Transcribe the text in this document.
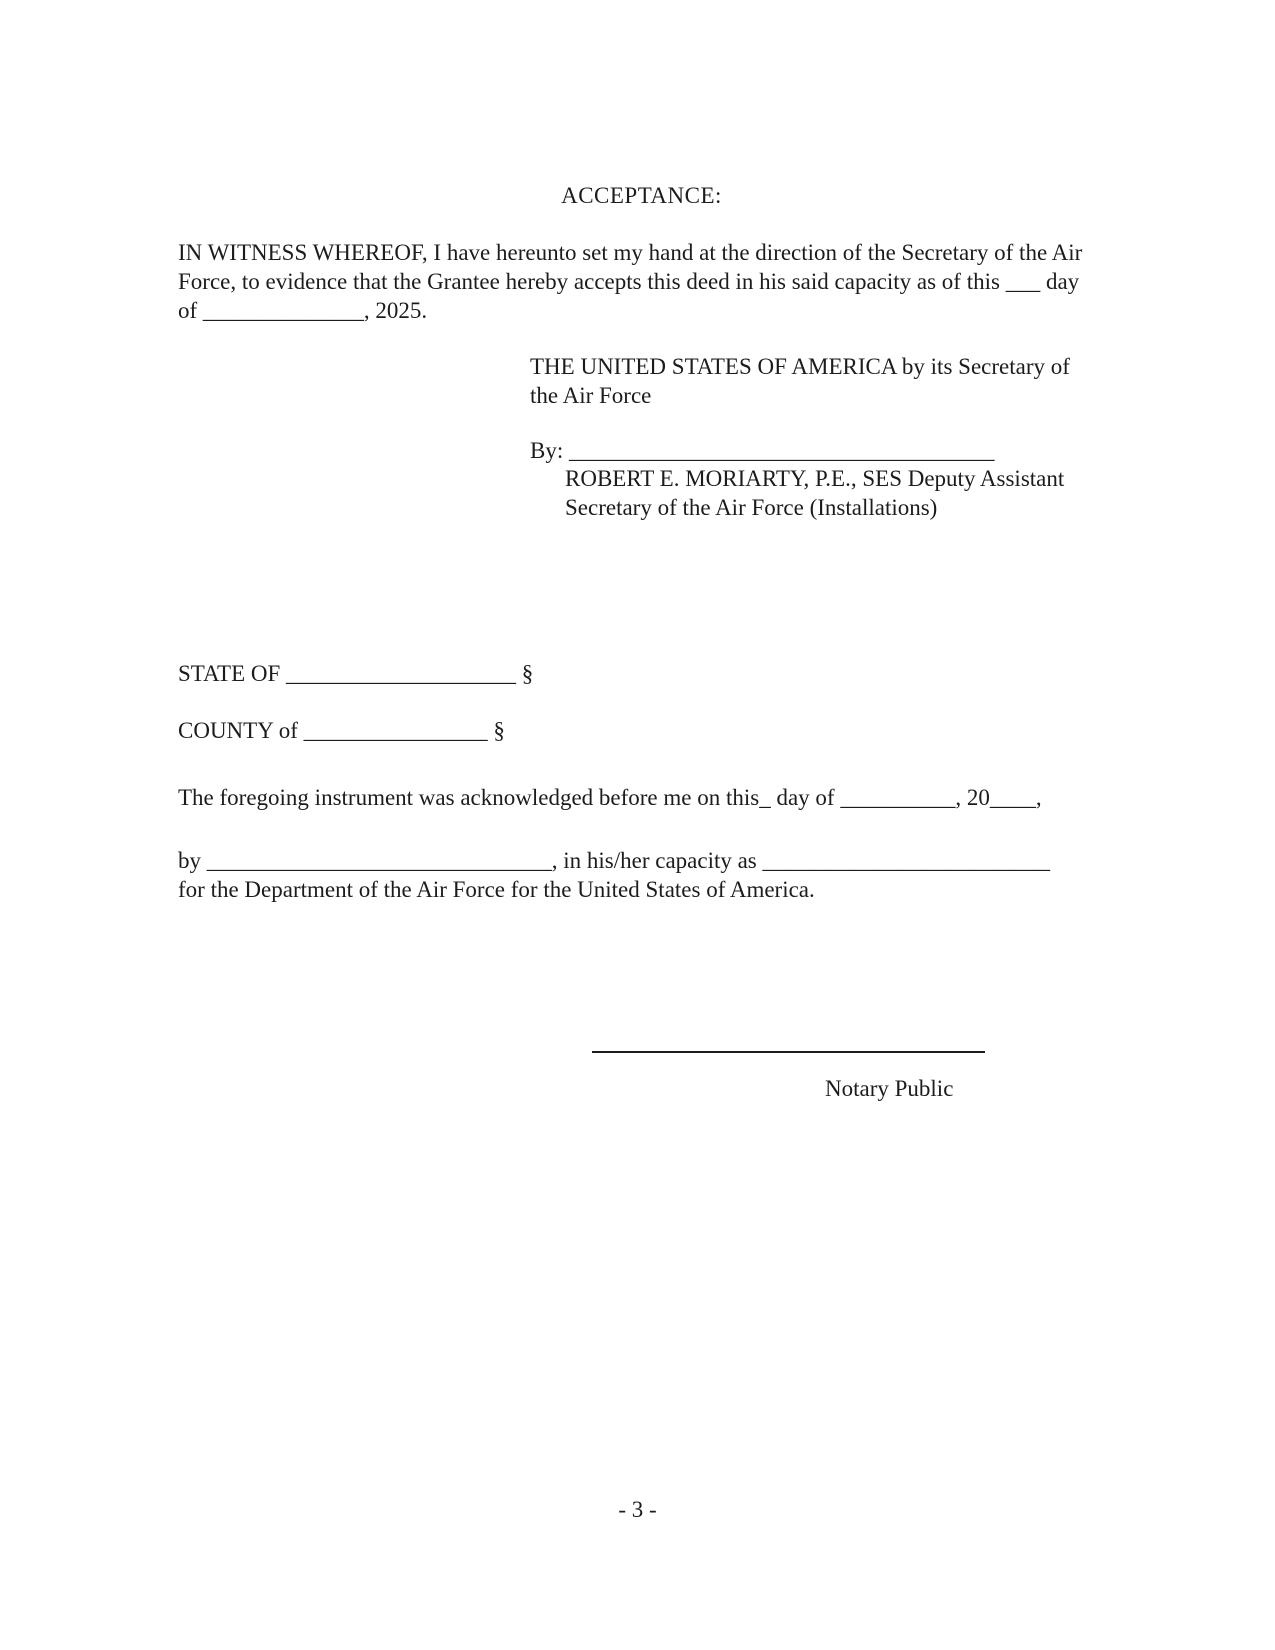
ACCEPTANCE:
IN WITNESS WHEREOF, I have hereunto set my hand at the direction of the Secretary of the Air
Force, to evidence that the Grantee hereby accepts this deed in his said capacity as of this ___ day
of ______________, 2025.
THE UNITED STATES OF AMERICA by its Secretary of
the Air Force
By: _____________________________________
ROBERT E. MORIARTY, P.E., SES Deputy Assistant
Secretary of the Air Force (Installations)
STATE OF ____________________ §
COUNTY of ________________ §
The foregoing instrument was acknowledged before me on this_ day of __________, 20____,
by ______________________________, in his/her capacity as _________________________
for the Department of the Air Force for the United States of America.
Notary Public
- 3 -
